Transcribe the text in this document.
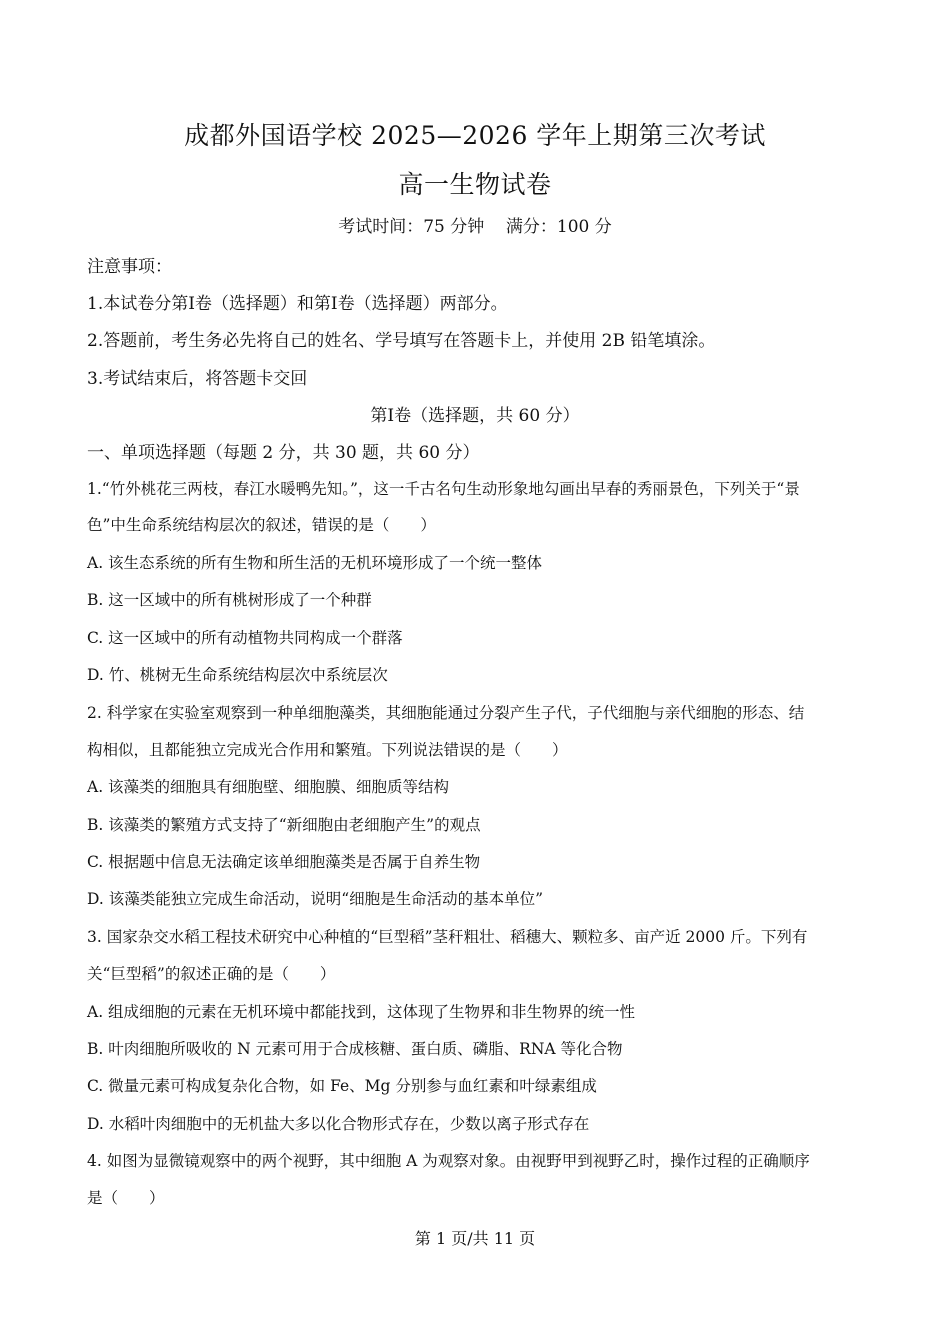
成都外国语学校 2025—2026 学年上期第三次考试
高一生物试卷
考试时间：75 分钟 满分：100 分
注意事项：
1.本试卷分第Ⅰ卷（选择题）和第Ⅰ卷（选择题）两部分。
2.答题前，考生务必先将自己的姓名、学号填写在答题卡上，并使用 2B 铅笔填涂。
3.考试结束后，将答题卡交回
第Ⅰ卷（选择题，共 60 分）
一、单项选择题（每题 2 分，共 30 题，共 60 分）
1.“竹外桃花三两枝，春江水暖鸭先知。”，这一千古名句生动形象地勾画出早春的秀丽景色，下列关于“景
色”中生命系统结构层次的叙述，错误的是（　　）
A. 该生态系统的所有生物和所生活的无机环境形成了一个统一整体
B. 这一区域中的所有桃树形成了一个种群
C. 这一区域中的所有动植物共同构成一个群落
D. 竹、桃树无生命系统结构层次中系统层次
2. 科学家在实验室观察到一种单细胞藻类，其细胞能通过分裂产生子代，子代细胞与亲代细胞的形态、结
构相似，且都能独立完成光合作用和繁殖。下列说法错误的是（　　）
A. 该藻类的细胞具有细胞壁、细胞膜、细胞质等结构
B. 该藻类的繁殖方式支持了“新细胞由老细胞产生”的观点
C. 根据题中信息无法确定该单细胞藻类是否属于自养生物
D. 该藻类能独立完成生命活动，说明“细胞是生命活动的基本单位”
3. 国家杂交水稻工程技术研究中心种植的“巨型稻”茎秆粗壮、稻穗大、颗粒多、亩产近 2000 斤。下列有
关“巨型稻”的叙述正确的是（　　）
A. 组成细胞的元素在无机环境中都能找到，这体现了生物界和非生物界的统一性
B. 叶肉细胞所吸收的 N 元素可用于合成核糖、蛋白质、磷脂、RNA 等化合物
C. 微量元素可构成复杂化合物，如 Fe、Mg 分别参与血红素和叶绿素组成
D. 水稻叶肉细胞中的无机盐大多以化合物形式存在，少数以离子形式存在
4. 如图为显微镜观察中的两个视野，其中细胞 A 为观察对象。由视野甲到视野乙时，操作过程的正确顺序
是（　　）
第 1 页/共 11 页
